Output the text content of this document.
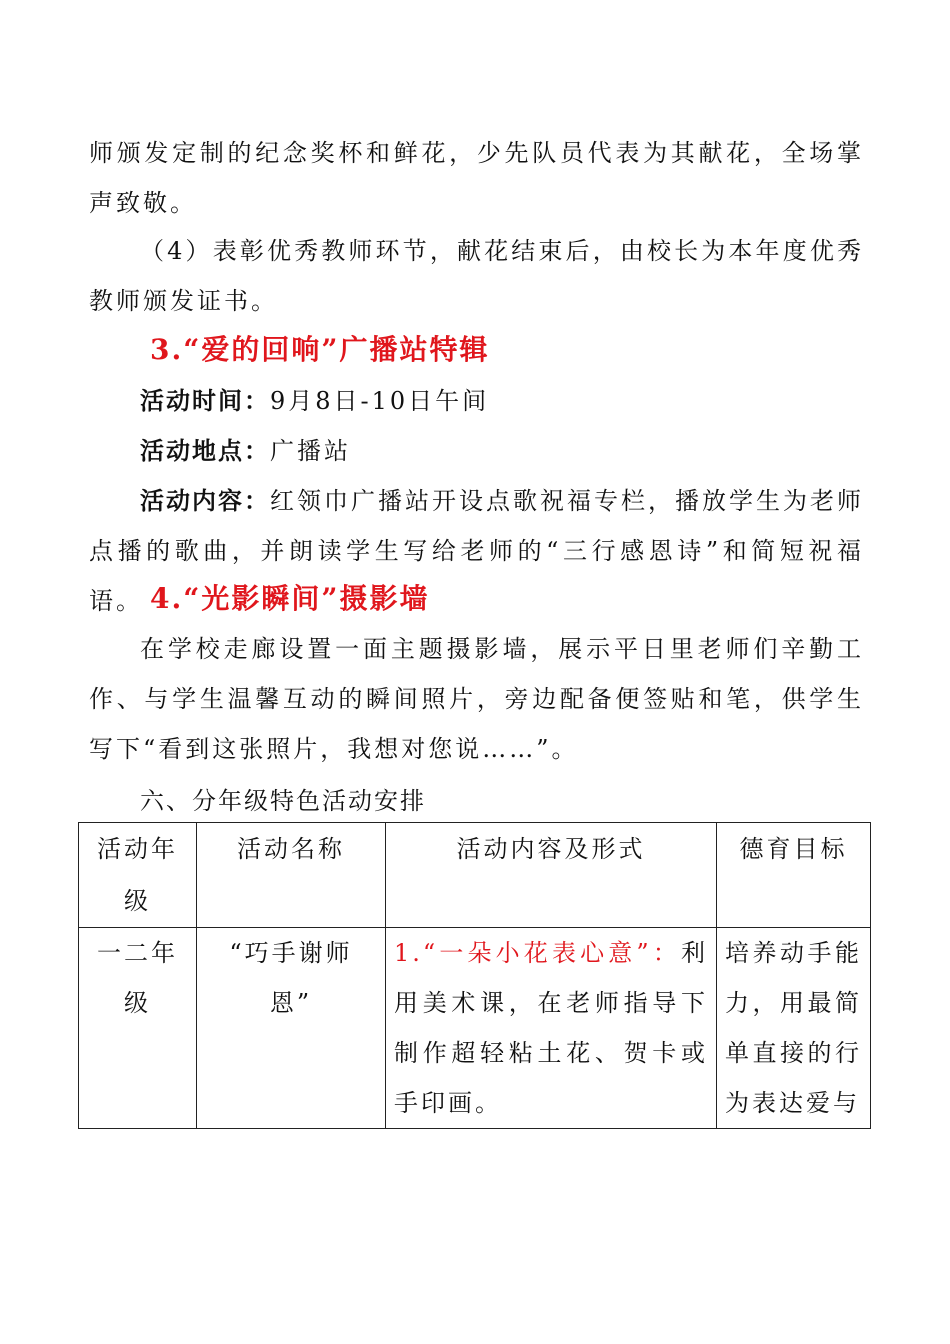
师颁发定制的纪念奖杯和鲜花，少先队员代表为其献花，全场掌声致敬。

（4）表彰优秀教师环节，献花结束后，由校长为本年度优秀教师颁发证书。

3.“爱的回响”广播站特辑
活动时间：9月8日-10日午间
活动地点：广播站

活动内容：红领巾广播站开设点歌祝福专栏，播放学生为老师点播的歌曲，并朗读学生写给老师的“三行感恩诗”和简短祝福语。 4.“光影瞬间”摄影墙

在学校走廊设置一面主题摄影墙，展示平日里老师们辛勤工作、与学生温馨互动的瞬间照片，旁边配备便签贴和笔，供学生写下“看到这张照片，我想对您说……”。

六、分年级特色活动安排
活动年级	活动名称	活动内容及形式	德育目标
一二年级	“巧手谢师恩”	1.“一朵小花表心意”：利用美术课，在老师指导下制作超轻粘土花、贺卡或手印画。	培养动手能力，用最简单直接的行为表达爱与
